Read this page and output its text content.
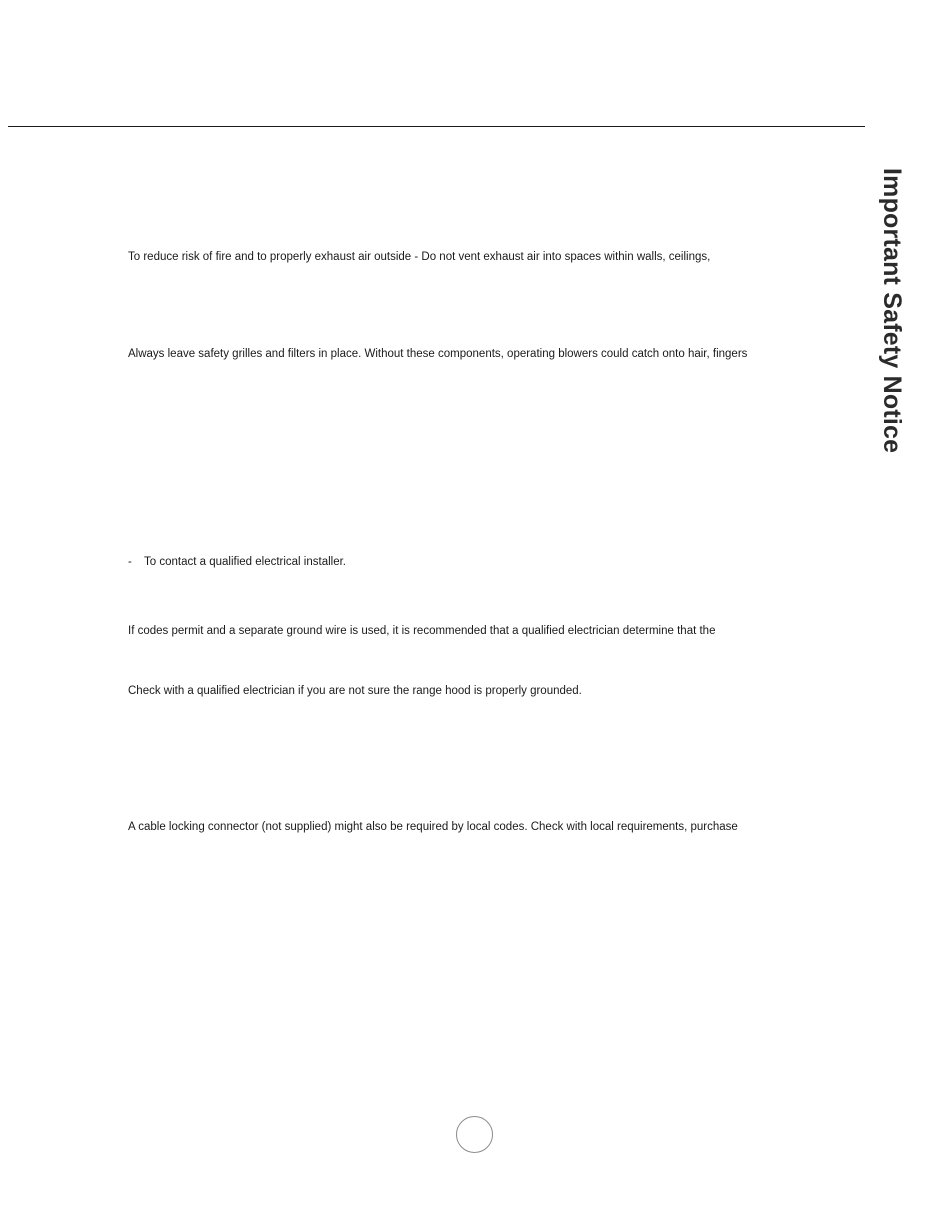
Important Safety Notice
To reduce risk of fire and to properly exhaust air outside - Do not vent exhaust air into spaces within walls, ceilings,
Always leave safety grilles and filters in place. Without these components, operating blowers could catch onto hair, fingers
- To contact a qualified electrical installer.
If codes permit and a separate ground wire is used, it is recommended that a qualified electrician determine that the
Check with a qualified electrician if you are not sure the range hood is properly grounded.
A cable locking connector (not supplied) might also be required by local codes. Check with local requirements, purchase
